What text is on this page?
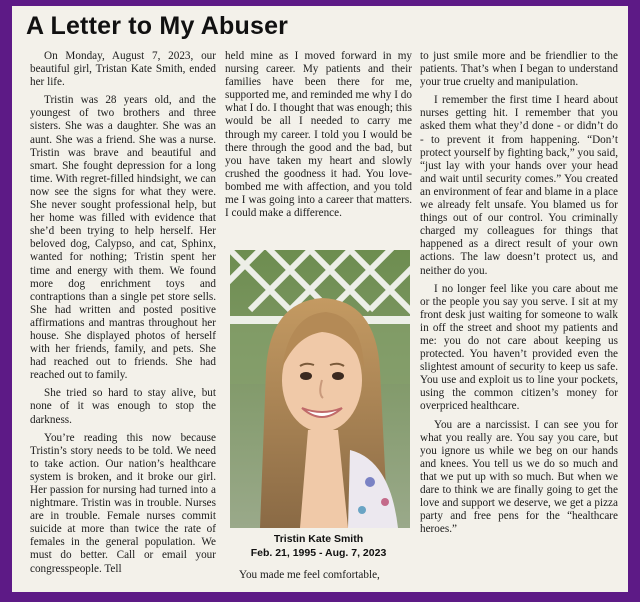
A Letter to My Abuser

On Monday, August 7, 2023, our beautiful girl, Tristan Kate Smith, ended her life.

Tristin was 28 years old, and the youngest of two brothers and three sisters. She was a daughter. She was an aunt. She was a friend. She was a nurse. Tristin was brave and beautiful and smart. She fought depression for a long time. With regret-filled hindsight, we can now see the signs for what they were. She never sought professional help, but her home was filled with evidence that she’d been trying to help herself. Her beloved dog, Calypso, and cat, Sphinx, wanted for nothing; Tristin spent her time and energy with them. We found more dog enrichment toys and contraptions than a single pet store sells. She had written and posted positive affirmations and mantras throughout her house. She displayed photos of herself with her friends, family, and pets. She had reached out to friends. She had reached out to family.

She tried so hard to stay alive, but none of it was enough to stop the darkness.

You’re reading this now because Tristin’s story needs to be told. We need to take action. Our nation’s healthcare system is broken, and it broke our girl. Her passion for nursing had turned into a nightmare. Tristin was in trouble. Nurses are in trouble. Female nurses commit suicide at more than twice the rate of females in the general population. We must do better. Call or email your congresspeople. Tell

held mine as I moved forward in my nursing career. My patients and their families have been there for me, supported me, and reminded me why I do what I do. I thought that was enough; this would be all I needed to carry me through my career. I told you I would be there through the good and the bad, but you have taken my heart and slowly crushed the goodness it had. You love-bombed me with affection, and you told me I was going into a career that matters. I could make a difference.

Tristin Kate Smith
Feb. 21, 1995 - Aug. 7, 2023

You made me feel comfortable,

to just smile more and be friendlier to the patients. That’s when I began to understand your true cruelty and manipulation.

I remember the first time I heard about nurses getting hit. I remember that you asked them what they’d done - or didn’t do - to prevent it from happening. “Don’t protect yourself by fighting back,” you said, “just lay with your hands over your head and wait until security comes.” You created an environment of fear and blame in a place we already felt unsafe. You blamed us for things out of our control. You criminally charged my colleagues for things that happened as a direct result of your own actions. The law doesn’t protect us, and neither do you.

I no longer feel like you care about me or the people you say you serve. I sit at my front desk just waiting for someone to walk in off the street and shoot my patients and me: you do not care about keeping us protected. You haven’t provided even the slightest amount of security to keep us safe. You use and exploit us to line your pockets, using the common citizen’s money for overpriced healthcare.

You are a narcissist. I can see you for what you really are. You say you care, but you ignore us while we beg on our hands and knees. You tell us we do so much and that we put up with so much. But when we dare to think we are finally going to get the love and support we deserve, we get a pizza party and free pens for the “healthcare heroes.”
